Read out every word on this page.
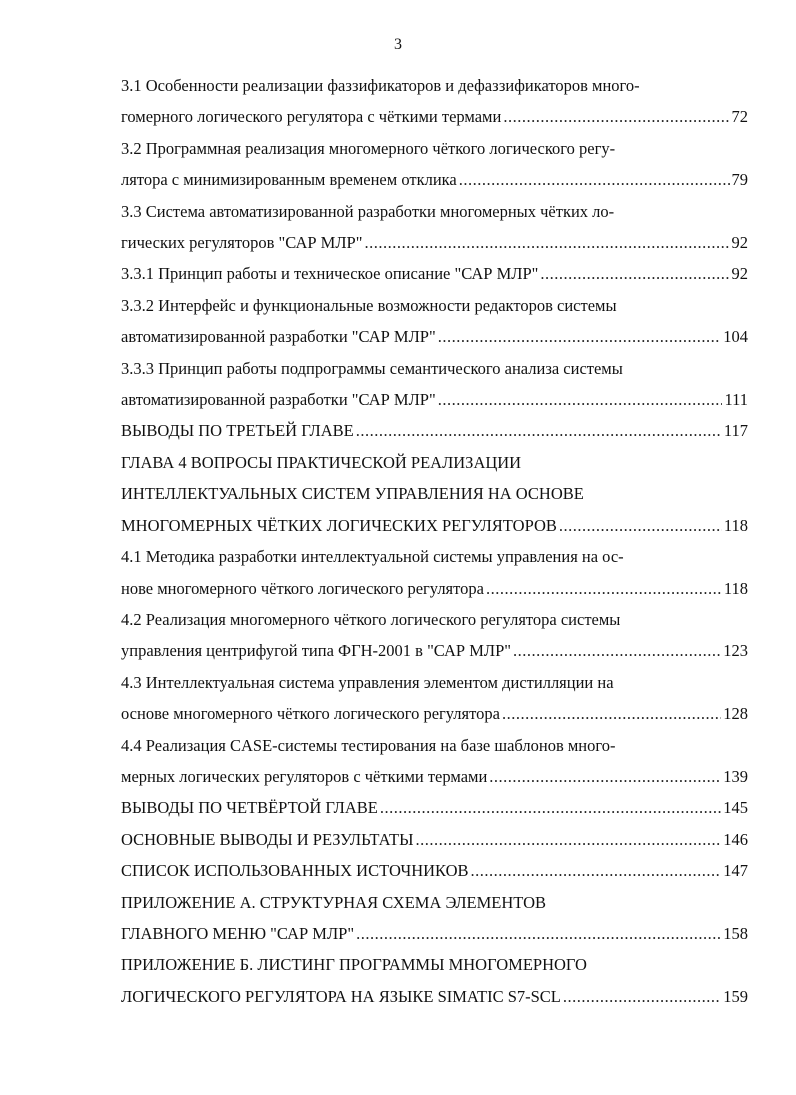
3
3.1 Особенности реализации фаззификаторов и дефаззификаторов много-
гомерного логического регулятора с чёткими термами .....	72
3.2 Программная реализация многомерного чёткого логического регу-
лятора с минимизированным временем отклика .....	79
3.3 Система автоматизированной разработки многомерных чётких ло-
гических регуляторов "САР МЛР" .....	92
3.3.1 Принцип работы и техническое описание "САР МЛР" .....	92
3.3.2 Интерфейс и функциональные возможности редакторов системы
автоматизированной разработки "САР МЛР" .....	104
3.3.3 Принцип работы подпрограммы семантического анализа системы
автоматизированной разработки "САР МЛР" .....	111
ВЫВОДЫ ПО ТРЕТЬЕЙ ГЛАВЕ .....	117
ГЛАВА 4 ВОПРОСЫ ПРАКТИЧЕСКОЙ РЕАЛИЗАЦИИ
ИНТЕЛЛЕКТУАЛЬНЫХ СИСТЕМ УПРАВЛЕНИЯ НА ОСНОВЕ
МНОГОМЕРНЫХ ЧЁТКИХ ЛОГИЧЕСКИХ РЕГУЛЯТОРОВ .....	118
4.1 Методика разработки интеллектуальной системы управления на ос-
нове многомерного чёткого логического регулятора .....	118
4.2 Реализация многомерного чёткого логического регулятора системы
управления центрифугой типа ФГН-2001 в "САР МЛР" .....	123
4.3 Интеллектуальная система управления элементом дистилляции на
основе многомерного чёткого логического регулятора .....	128
4.4 Реализация CASE-системы тестирования на базе шаблонов много-
мерных логических регуляторов с чёткими термами .....	139
ВЫВОДЫ ПО ЧЕТВЁРТОЙ ГЛАВЕ .....	145
ОСНОВНЫЕ ВЫВОДЫ И РЕЗУЛЬТАТЫ .....	146
СПИСОК ИСПОЛЬЗОВАННЫХ ИСТОЧНИКОВ .....	147
ПРИЛОЖЕНИЕ А. СТРУКТУРНАЯ СХЕМА ЭЛЕМЕНТОВ
ГЛАВНОГО МЕНЮ "САР МЛР" .....	158
ПРИЛОЖЕНИЕ Б. ЛИСТИНГ ПРОГРАММЫ МНОГОМЕРНОГО
ЛОГИЧЕСКОГО РЕГУЛЯТОРА НА ЯЗЫКЕ SIMATIC S7-SCL .....	159
